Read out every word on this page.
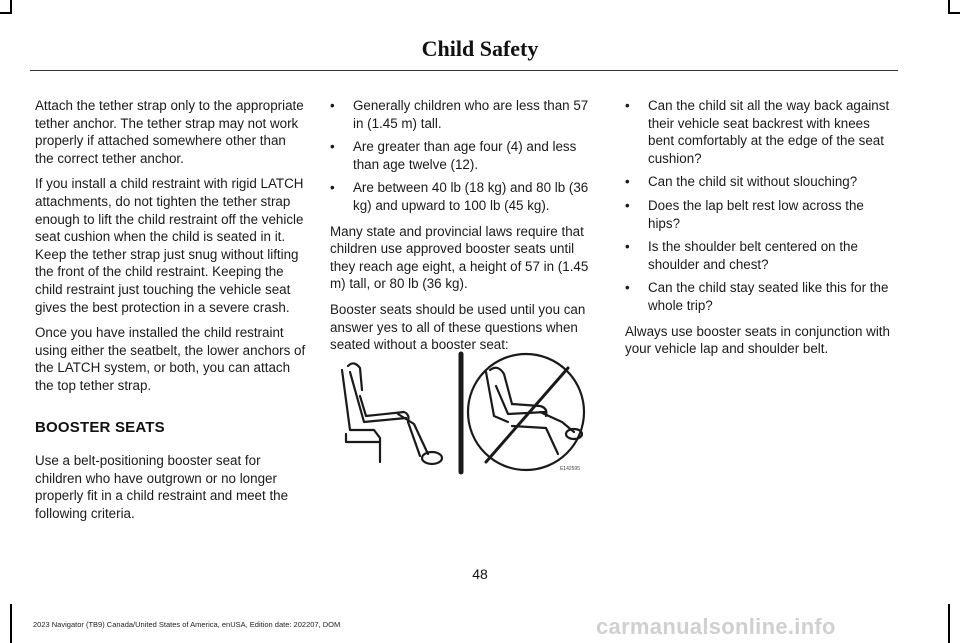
Child Safety

Attach the tether strap only to the appropriate tether anchor. The tether strap may not work properly if attached somewhere other than the correct tether anchor.

If you install a child restraint with rigid LATCH attachments, do not tighten the tether strap enough to lift the child restraint off the vehicle seat cushion when the child is seated in it. Keep the tether strap just snug without lifting the front of the child restraint. Keeping the child restraint just touching the vehicle seat gives the best protection in a severe crash.

Once you have installed the child restraint using either the seatbelt, the lower anchors of the LATCH system, or both, you can attach the top tether strap.

BOOSTER SEATS

Use a belt-positioning booster seat for children who have outgrown or no longer properly fit in a child restraint and meet the following criteria.

• Generally children who are less than 57 in (1.45 m) tall.
• Are greater than age four (4) and less than age twelve (12).
• Are between 40 lb (18 kg) and 80 lb (36 kg) and upward to 100 lb (45 kg).

Many state and provincial laws require that children use approved booster seats until they reach age eight, a height of 57 in (1.45 m) tall, or 80 lb (36 kg).

Booster seats should be used until you can answer yes to all of these questions when seated without a booster seat:

E142595
• Can the child sit all the way back against their vehicle seat backrest with knees bent comfortably at the edge of the seat cushion?
• Can the child sit without slouching?
• Does the lap belt rest low across the hips?
• Is the shoulder belt centered on the shoulder and chest?
• Can the child stay seated like this for the whole trip?

Always use booster seats in conjunction with your vehicle lap and shoulder belt.

48
2023 Navigator (TB9) Canada/United States of America, enUSA, Edition date: 202207, DOM	carmanualsonline.info
